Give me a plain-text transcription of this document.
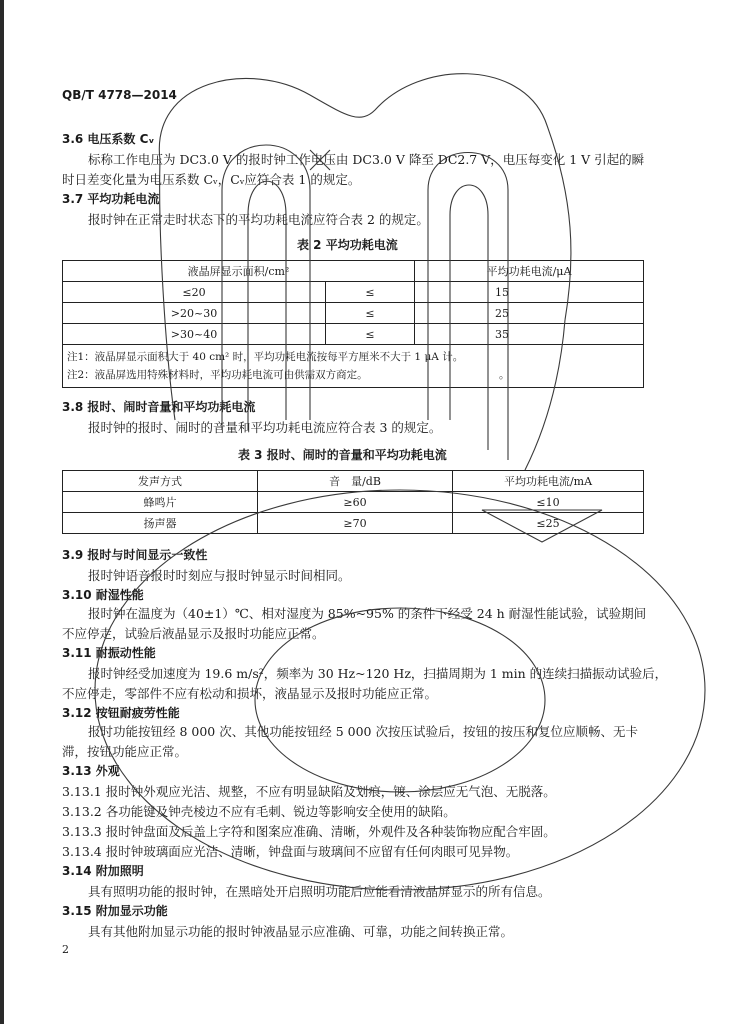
QB/T 4778—2014
3.6 电压系数 Cᵥ
标称工作电压为 DC3.0 V 的报时钟工作电压由 DC3.0 V 降至 DC2.7 V，电压每变化 1 V 引起的瞬
时日差变化量为电压系数 Cᵥ，Cᵥ应符合表 1 的规定。
3.7 平均功耗电流
报时钟在正常走时状态下的平均功耗电流应符合表 2 的规定。
表 2 平均功耗电流
液晶屏显示面积/cm²		平均功耗电流/μA	
≤20	≤		15
>20~30	≤		25
>30~40	≤		35

注1：液晶屏显示面积大于 40 cm² 时，平均功耗电流按每平方厘米不大于 1 μA 计。
注2：液晶屏选用特殊材料时，平均功耗电流可由供需双方商定。 。			
3.8 报时、闹时音量和平均功耗电流
报时钟的报时、闹时的音量和平均功耗电流应符合表 3 的规定。
表 3 报时、闹时的音量和平均功耗电流
发声方式	音　量/dB	平均功耗电流/mA
蜂鸣片	≥60	≤10
扬声器	≥70	≤25
3.9 报时与时间显示一致性
报时钟语音报时时刻应与报时钟显示时间相同。
3.10 耐湿性能
报时钟在温度为（40±1）℃、相对湿度为 85%~95% 的条件下经受 24 h 耐湿性能试验，试验期间
不应停走，试验后液晶显示及报时功能应正常。
3.11 耐振动性能
报时钟经受加速度为 19.6 m/s²，频率为 30 Hz~120 Hz，扫描周期为 1 min 的连续扫描振动试验后，
不应停走，零部件不应有松动和损坏，液晶显示及报时功能应正常。
3.12 按钮耐疲劳性能
报时功能按钮经 8 000 次、其他功能按钮经 5 000 次按压试验后，按钮的按压和复位应顺畅、无卡
滞，按钮功能应正常。
3.13 外观
3.13.1 报时钟外观应光洁、规整，不应有明显缺陷及划痕，镀、涂层应无气泡、无脱落。
3.13.2 各功能键及钟壳棱边不应有毛刺、锐边等影响安全使用的缺陷。
3.13.3 报时钟盘面及后盖上字符和图案应准确、清晰，外观件及各种装饰物应配合牢固。
3.13.4 报时钟玻璃面应光洁、清晰，钟盘面与玻璃间不应留有任何肉眼可见异物。
3.14 附加照明
具有照明功能的报时钟，在黑暗处开启照明功能后应能看清液晶屏显示的所有信息。
3.15 附加显示功能
具有其他附加显示功能的报时钟液晶显示应准确、可靠，功能之间转换正常。
2
